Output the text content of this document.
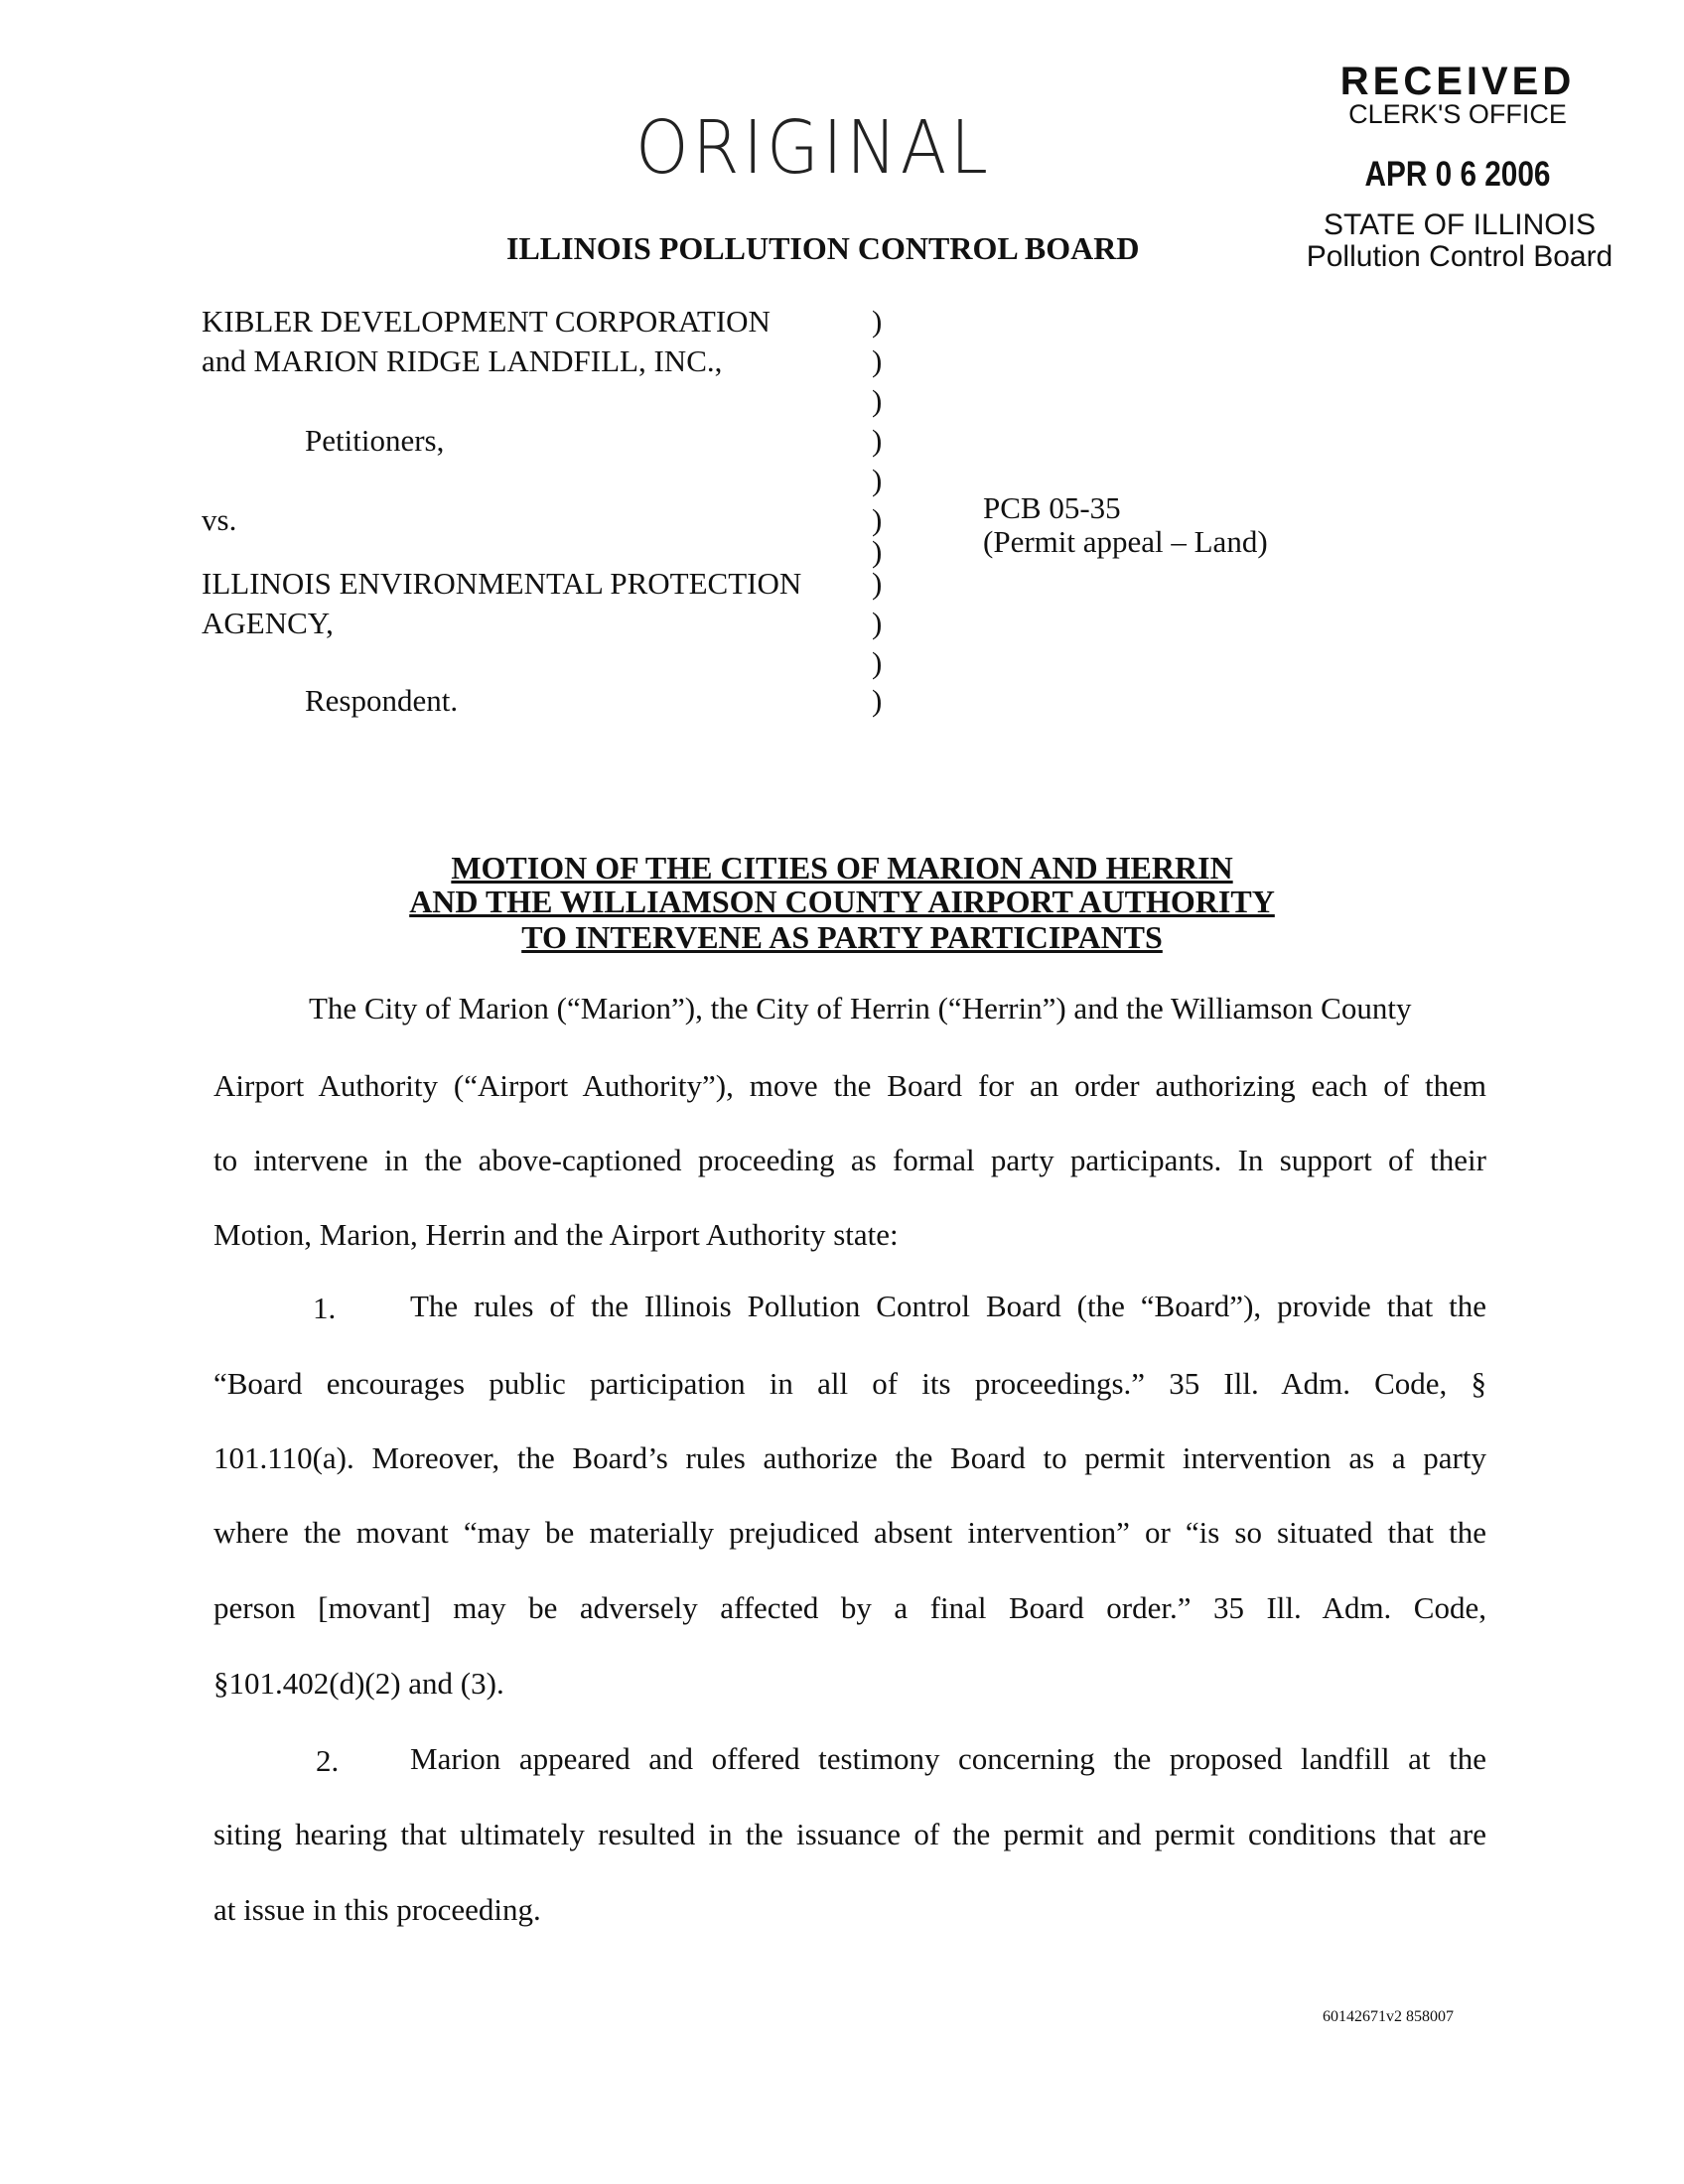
RECEIVED
CLERK'S OFFICE
APR 0 6 2006
STATE OF ILLINOIS
Pollution Control Board
ORIGINAL
ILLINOIS POLLUTION CONTROL BOARD
KIBLER DEVELOPMENT CORPORATION
and MARION RIDGE LANDFILL, INC.,
Petitioners,
vs.
ILLINOIS ENVIRONMENTAL PROTECTION
AGENCY,
Respondent.
)
)
)
)
)
)
)
)
)
)
)
PCB 05-35
(Permit appeal – Land)
MOTION OF THE CITIES OF MARION AND HERRIN
AND THE WILLIAMSON COUNTY AIRPORT AUTHORITY
TO INTERVENE AS PARTY PARTICIPANTS
The City of Marion (“Marion”), the City of Herrin (“Herrin”) and the Williamson County
Airport Authority (“Airport Authority”), move the Board for an order authorizing each of them
to intervene in the above-captioned proceeding as formal party participants. In support of their
Motion, Marion, Herrin and the Airport Authority state:
1. The rules of the Illinois Pollution Control Board (the “Board”), provide that the
“Board encourages public participation in all of its proceedings.” 35 Ill. Adm. Code, §
101.110(a). Moreover, the Board’s rules authorize the Board to permit intervention as a party
where the movant “may be materially prejudiced absent intervention” or “is so situated that the
person [movant] may be adversely affected by a final Board order.” 35 Ill. Adm. Code,
§101.402(d)(2) and (3).
2. Marion appeared and offered testimony concerning the proposed landfill at the
siting hearing that ultimately resulted in the issuance of the permit and permit conditions that are
at issue in this proceeding.
60142671v2 858007
